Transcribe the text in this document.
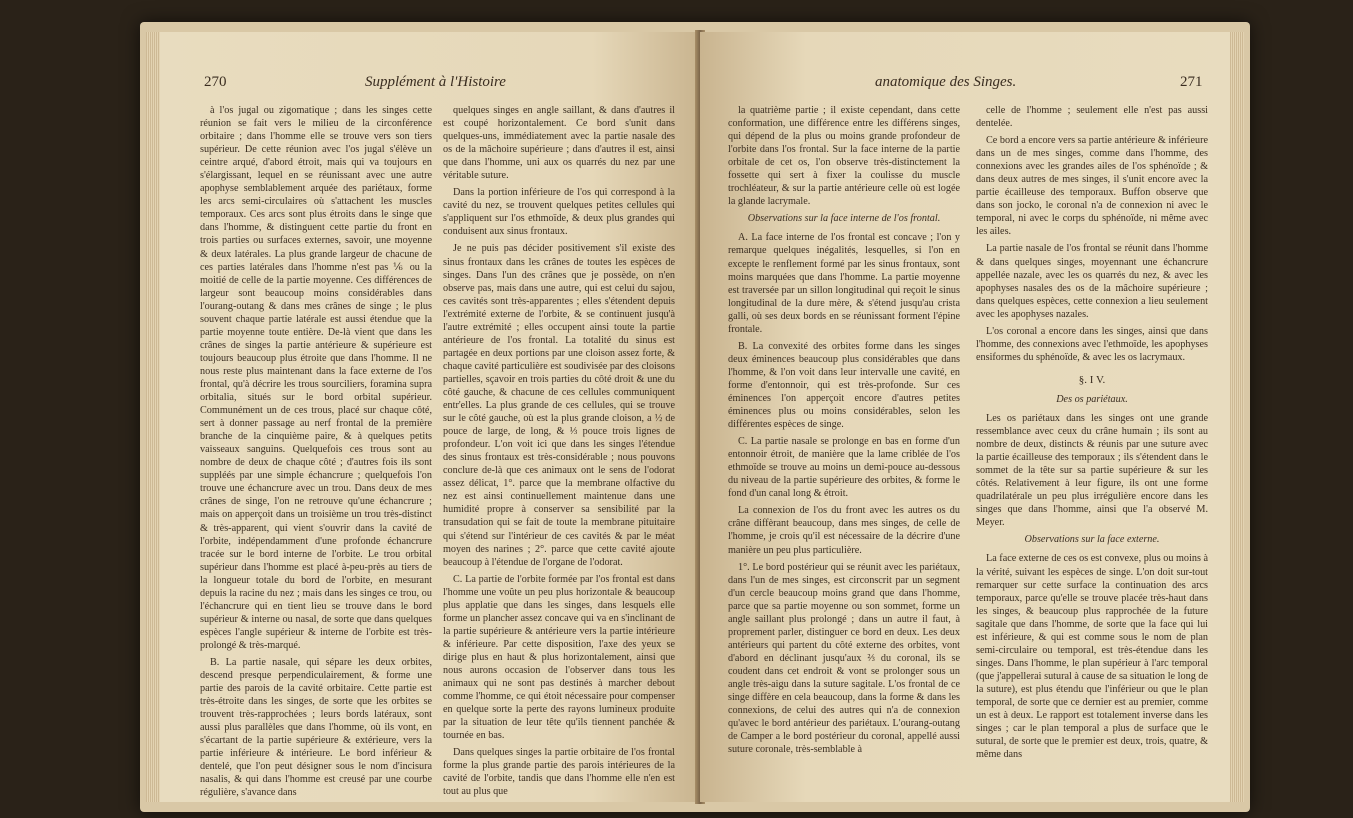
270	Supplément à l'Histoire

à l'os jugal ou zigomatique ; dans les singes cette réunion se fait vers le milieu de la circonférence orbitaire ; dans l'homme elle se trouve vers son tiers supérieur. De cette réunion avec l'os jugal s'élève un ceintre arqué, d'abord étroit, mais qui va toujours en s'élargissant, lequel en se réunissant avec une autre apophyse semblablement arquée des pariétaux, forme les arcs semi-circulaires où s'attachent les muscles temporaux. Ces arcs sont plus étroits dans le singe que dans l'homme, & distinguent cette partie du front en trois parties ou surfaces externes, savoir, une moyenne & deux latérales. La plus grande largeur de chacune de ces parties latérales dans l'homme n'est pas ⅙ ou la moitié de celle de la partie moyenne. Ces différences de largeur sont beaucoup moins considérables dans l'ourang-outang & dans mes crânes de singe ; le plus souvent chaque partie latérale est aussi étendue que la partie moyenne toute entière. De-là vient que dans les crânes de singes la partie antérieure & supérieure est toujours beaucoup plus étroite que dans l'homme. Il ne nous reste plus maintenant dans la face externe de l'os frontal, qu'à décrire les trous sourciliers, foramina supra orbitalia, situés sur le bord orbital supérieur. Communément un de ces trous, placé sur chaque côté, sert à donner passage au nerf frontal de la première branche de la cinquième paire, & à quelques petits vaisseaux sanguins. Quelquefois ces trous sont au nombre de deux de chaque côté ; d'autres fois ils sont suppléés par une simple échancrure ; quelquefois l'on trouve une échancrure avec un trou. Dans deux de mes crânes de singe, l'on ne retrouve qu'une échancrure ; mais on apperçoit dans un troisième un trou très-distinct & très-apparent, qui vient s'ouvrir dans la cavité de l'orbite, indépendamment d'une profonde échancrure tracée sur le bord interne de l'orbite. Le trou orbital supérieur dans l'homme est placé à-peu-près au tiers de la longueur totale du bord de l'orbite, en mesurant depuis la racine du nez ; mais dans les singes ce trou, ou l'échancrure qui en tient lieu se trouve dans le bord supérieur & interne ou nasal, de sorte que dans quelques espèces l'angle supérieur & interne de l'orbite est très-prolongé & très-marqué.

B. La partie nasale, qui sépare les deux orbites, descend presque perpendiculairement, & forme une partie des parois de la cavité orbitaire. Cette partie est très-étroite dans les singes, de sorte que les orbites se trouvent très-rapprochées ; leurs bords latéraux, sont aussi plus parallèles que dans l'homme, où ils vont, en s'écartant de la partie supérieure & extérieure, vers la partie inférieure & intérieure. Le bord inférieur & dentelé, que l'on peut désigner sous le nom d'incisura nasalis, & qui dans l'homme est creusé par une courbe régulière, s'avance dans

quelques singes en angle saillant, & dans d'autres il est coupé horizontalement. Ce bord s'unit dans quelques-uns, immédiatement avec la partie nasale des os de la mâchoire supérieure ; dans d'autres il est, ainsi que dans l'homme, uni aux os quarrés du nez par une véritable suture.

Dans la portion inférieure de l'os qui correspond à la cavité du nez, se trouvent quelques petites cellules qui s'appliquent sur l'os ethmoïde, & deux plus grandes qui conduisent aux sinus frontaux.

Je ne puis pas décider positivement s'il existe des sinus frontaux dans les crânes de toutes les espèces de singes. Dans l'un des crânes que je possède, on n'en observe pas, mais dans une autre, qui est celui du sajou, ces cavités sont très-apparentes ; elles s'étendent depuis l'extrémité externe de l'orbite, & se continuent jusqu'à l'autre extrémité ; elles occupent ainsi toute la partie antérieure de l'os frontal. La totalité du sinus est partagée en deux portions par une cloison assez forte, & chaque cavité particulière est soudivisée par des cloisons partielles, sçavoir en trois parties du côté droit & une du côté gauche, & chacune de ces cellules communiquent entr'elles. La plus grande de ces cellules, qui se trouve sur le côté gauche, où est la plus grande cloison, a ½ de pouce de large, de long, & ⅓ pouce trois lignes de profondeur. L'on voit ici que dans les singes l'étendue des sinus frontaux est très-considérable ; nous pouvons conclure de-là que ces animaux ont le sens de l'odorat assez délicat, 1°. parce que la membrane olfactive du nez est ainsi continuellement maintenue dans une humidité propre à conserver sa sensibilité par la transudation qui se fait de toute la membrane pituitaire qui s'étend sur l'intérieur de ces cavités & par le méat moyen des narines ; 2°. parce que cette cavité ajoute beaucoup à l'étendue de l'organe de l'odorat.

C. La partie de l'orbite formée par l'os frontal est dans l'homme une voûte un peu plus horizontale & beaucoup plus applatie que dans les singes, dans lesquels elle forme un plancher assez concave qui va en s'inclinant de la partie supérieure & antérieure vers la partie intérieure & inférieure. Par cette disposition, l'axe des yeux se dirige plus en haut & plus horizontalement, ainsi que nous aurons occasion de l'observer dans tous les animaux qui ne sont pas destinés à marcher debout comme l'homme, ce qui étoit nécessaire pour compenser en quelque sorte la perte des rayons lumineux produite par la situation de leur tête qu'ils tiennent panchée & tournée en bas.

Dans quelques singes la partie orbitaire de l'os frontal forme la plus grande partie des parois intérieures de la cavité de l'orbite, tandis que dans l'homme elle n'en est tout au plus que

anatomique des Singes.	271

la quatrième partie ; il existe cependant, dans cette conformation, une différence entre les différens singes, qui dépend de la plus ou moins grande profondeur de l'orbite dans l'os frontal. Sur la face interne de la partie orbitale de cet os, l'on observe très-distinctement la fossette qui sert à fixer la coulisse du muscle trochléateur, & sur la partie antérieure celle où est logée la glande lacrymale.

Observations sur la face interne de l'os frontal.

A. La face interne de l'os frontal est concave ; l'on y remarque quelques inégalités, lesquelles, si l'on en excepte le renflement formé par les sinus frontaux, sont moins marquées que dans l'homme. La partie moyenne est traversée par un sillon longitudinal qui reçoit le sinus longitudinal de la dure mère, & s'étend jusqu'au crista galli, où ses deux bords en se réunissant forment l'épine frontale.

B. La convexité des orbites forme dans les singes deux éminences beaucoup plus considérables que dans l'homme, & l'on voit dans leur intervalle une cavité, en forme d'entonnoir, qui est très-profonde. Sur ces éminences l'on apperçoit encore d'autres petites éminences plus ou moins considérables, selon les différentes espèces de singe.

C. La partie nasale se prolonge en bas en forme d'un entonnoir étroit, de manière que la lame criblée de l'os ethmoïde se trouve au moins un demi-pouce au-dessous du niveau de la partie supérieure des orbites, & forme le fond d'un canal long & étroit.

La connexion de l'os du front avec les autres os du crâne diffèrant beaucoup, dans mes singes, de celle de l'homme, je crois qu'il est nécessaire de la décrire d'une manière un peu plus particulière.

1°. Le bord postérieur qui se réunit avec les pariétaux, dans l'un de mes singes, est circonscrit par un segment d'un cercle beaucoup moins grand que dans l'homme, parce que sa partie moyenne ou son sommet, forme un angle saillant plus prolongé ; dans un autre il faut, à proprement parler, distinguer ce bord en deux. Les deux antérieurs qui partent du côté externe des orbites, vont d'abord en déclinant jusqu'aux ⅔ du coronal, ils se coudent dans cet endroit & vont se prolonger sous un angle très-aigu dans la suture sagitale. L'os frontal de ce singe diffère en cela beaucoup, dans la forme & dans les connexions, de celui des autres qui n'a de connexion qu'avec le bord antérieur des pariétaux. L'ourang-outang de Camper a le bord postérieur du coronal, appellé aussi suture coronale, très-semblable à

celle de l'homme ; seulement elle n'est pas aussi dentelée.

Ce bord a encore vers sa partie antérieure & inférieure dans un de mes singes, comme dans l'homme, des connexions avec les grandes ailes de l'os sphénoïde ; & dans deux autres de mes singes, il s'unit encore avec la partie écailleuse des temporaux. Buffon observe que dans son jocko, le coronal n'a de connexion ni avec le temporal, ni avec le corps du sphénoïde, ni même avec les ailes.

La partie nasale de l'os frontal se réunit dans l'homme & dans quelques singes, moyennant une échancrure appellée nazale, avec les os quarrés du nez, & avec les apophyses nasales des os de la mâchoire supérieure ; dans quelques espèces, cette connexion a lieu seulement avec les apophyses nazales.

L'os coronal a encore dans les singes, ainsi que dans l'homme, des connexions avec l'ethmoïde, les apophyses ensiformes du sphénoïde, & avec les os lacrymaux.

§. I V.
Des os pariétaux.

Les os pariétaux dans les singes ont une grande ressemblance avec ceux du crâne humain ; ils sont au nombre de deux, distincts & réunis par une suture avec la partie écailleuse des temporaux ; ils s'étendent dans le sommet de la tête sur sa partie supérieure & sur les côtés. Relativement à leur figure, ils ont une forme quadrilatérale un peu plus irrégulière encore dans les singes que dans l'homme, ainsi que l'a observé M. Meyer.

Observations sur la face externe.

La face externe de ces os est convexe, plus ou moins à la vérité, suivant les espèces de singe. L'on doit sur-tout remarquer sur cette surface la continuation des arcs temporaux, parce qu'elle se trouve placée très-haut dans les singes, & beaucoup plus rapprochée de la future sagitale que dans l'homme, de sorte que la face qui lui est inférieure, & qui est comme sous le nom de plan semi-circulaire ou temporal, est très-étendue dans les singes. Dans l'homme, le plan supérieur à l'arc temporal (que j'appellerai sutural à cause de sa situation le long de la suture), est plus étendu que l'inférieur ou que le plan temporal, de sorte que ce dernier est au premier, comme un est à deux. Le rapport est totalement inverse dans les singes ; car le plan temporal a plus de surface que le sutural, de sorte que le premier est deux, trois, quatre, & même dans
